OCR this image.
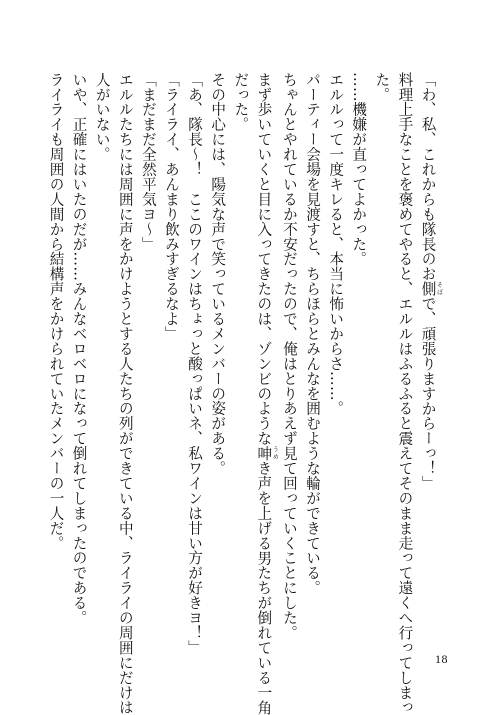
「わ、私、これからも隊長のお側 そばで、頑張りますからーっ！」
料理上手なことを褒めてやると、エルルはふるふると震えてそのまま走って遠くへ行ってしまっ
た。
……機嫌が直ってよかった。
エルルって一度キレると、本当に怖いからさ……。
パーティー会場を見渡すと、ちらほらとみんなを囲むような輪ができている。
ちゃんとやれているか不安だったので、俺はとりあえず見て回っていくことにした。
まず歩いていくと目に入ってきたのは、ゾンビのような呻 うめき声を上げる男たちが倒れている一角
だった。
その中心には、陽気な声で笑っているメンバーの姿がある。
「あ、隊長～！　ここのワインはちょっと酸っぱいネ、私ワインは甘い方が好きヨ！」
「ライライ、あんまり飲みすぎるなよ」
「まだまだ全然平気ヨ～」
エルルたちには周囲に声をかけようとする人たちの列ができている中、ライライの周囲にだけは
人がいない。
いや、正確にはいたのだが……みんなベロベロになって倒れてしまったのである。
ライライも周囲の人間から結構声をかけられていたメンバーの一人だ。
18
